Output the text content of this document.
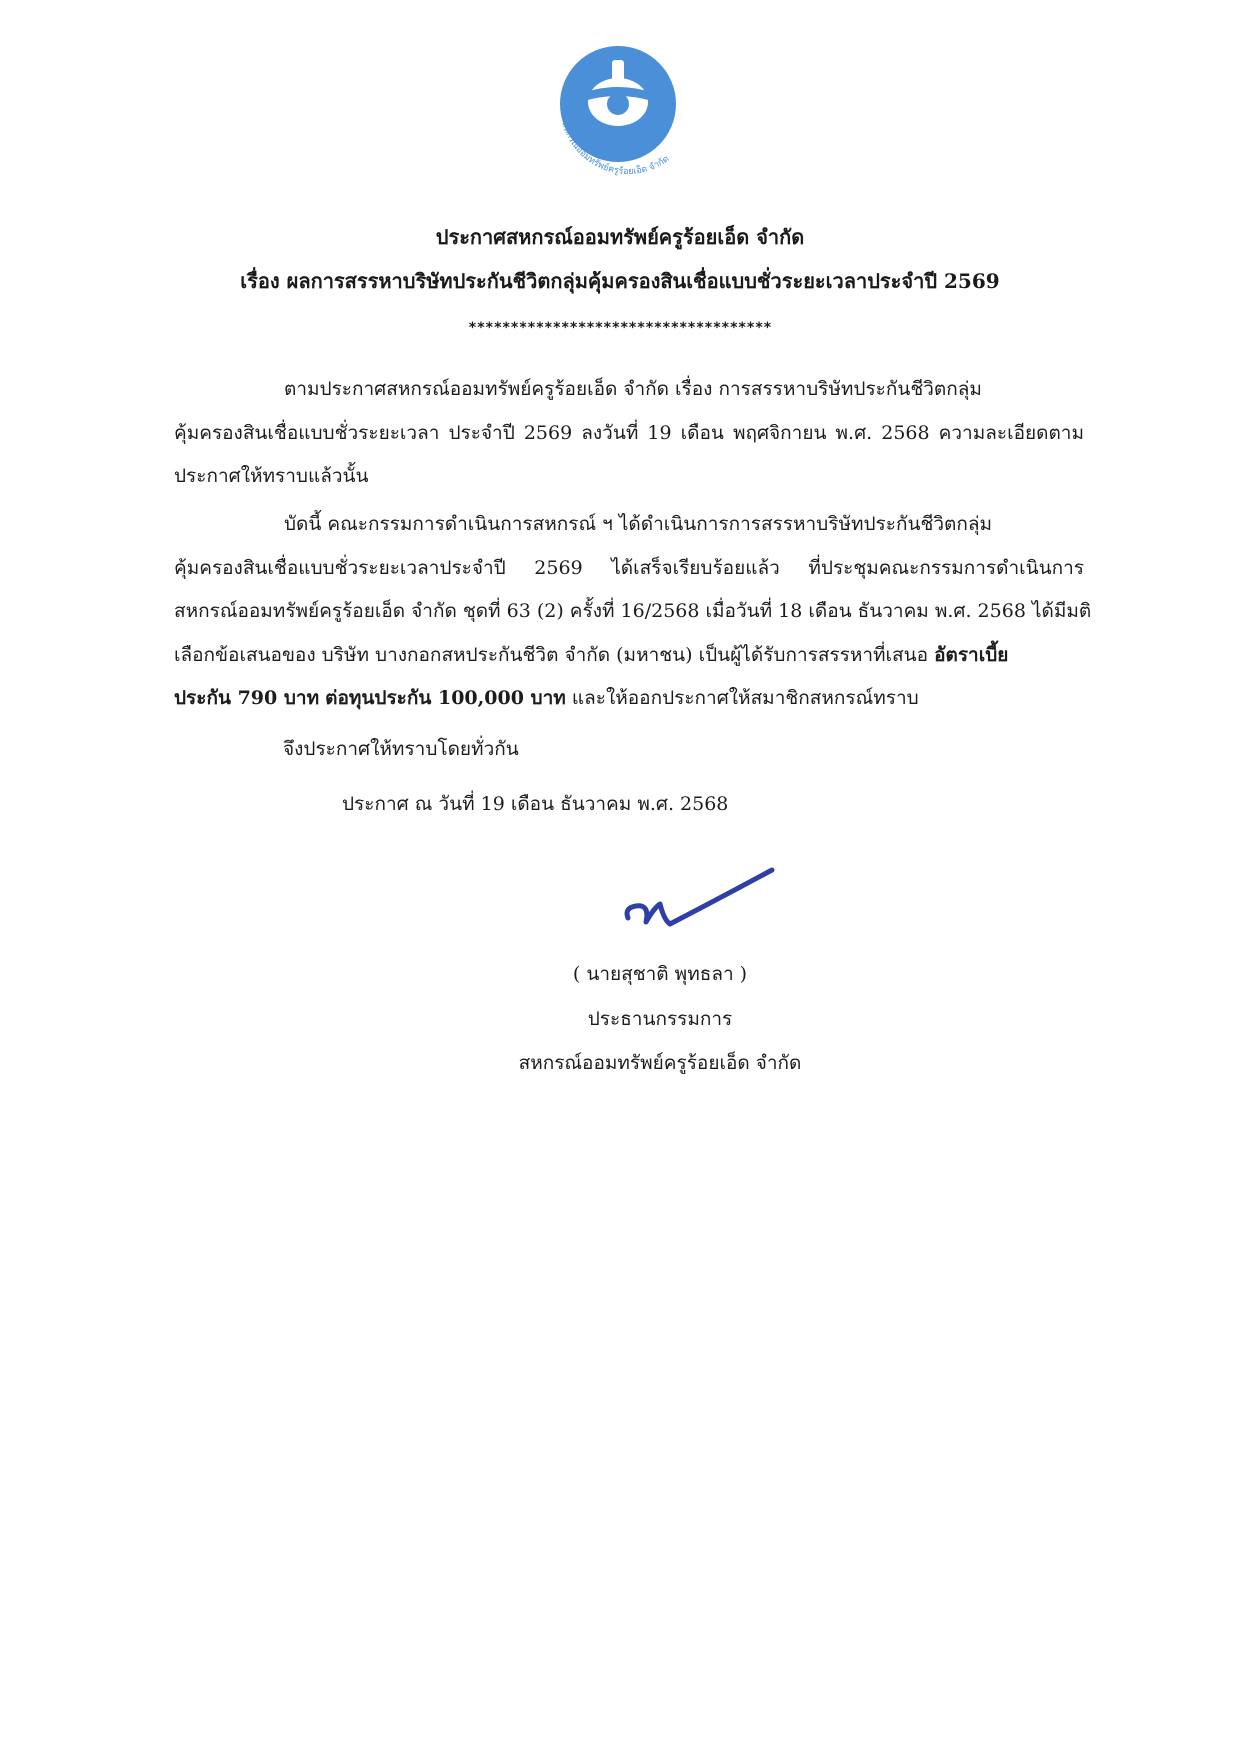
สหกรณ์ออมทรัพย์ครูร้อยเอ็ด จำกัด
ประกาศสหกรณ์ออมทรัพย์ครูร้อยเอ็ด จำกัด
เรื่อง ผลการสรรหาบริษัทประกันชีวิตกลุ่มคุ้มครองสินเชื่อแบบชั่วระยะเวลาประจำปี 2569
************************************
ตามประกาศสหกรณ์ออมทรัพย์ครูร้อยเอ็ด จำกัด เรื่อง การสรรหาบริษัทประกันชีวิตกลุ่ม
คุ้มครองสินเชื่อแบบชั่วระยะเวลา ประจำปี 2569 ลงวันที่ 19 เดือน พฤศจิกายน พ.ศ. 2568 ความละเอียดตาม
ประกาศให้ทราบแล้วนั้น
บัดนี้ คณะกรรมการดำเนินการสหกรณ์ ฯ ได้ดำเนินการการสรรหาบริษัทประกันชีวิตกลุ่ม
คุ้มครองสินเชื่อแบบชั่วระยะเวลาประจำปี 2569 ได้เสร็จเรียบร้อยแล้ว ที่ประชุมคณะกรรมการดำเนินการ
สหกรณ์ออมทรัพย์ครูร้อยเอ็ด จำกัด ชุดที่ 63 (2) ครั้งที่ 16/2568 เมื่อวันที่ 18 เดือน ธันวาคม พ.ศ. 2568 ได้มีมติ
เลือกข้อเสนอของ บริษัท บางกอกสหประกันชีวิต จำกัด (มหาชน) เป็นผู้ได้รับการสรรหาที่เสนอ อัตราเบี้ย
ประกัน 790 บาท ต่อทุนประกัน 100,000 บาท และให้ออกประกาศให้สมาชิกสหกรณ์ทราบ
จึงประกาศให้ทราบโดยทั่วกัน
ประกาศ ณ วันที่ 19 เดือน ธันวาคม พ.ศ. 2568
( นายสุชาติ พุทธลา )
ประธานกรรมการ
สหกรณ์ออมทรัพย์ครูร้อยเอ็ด จำกัด
